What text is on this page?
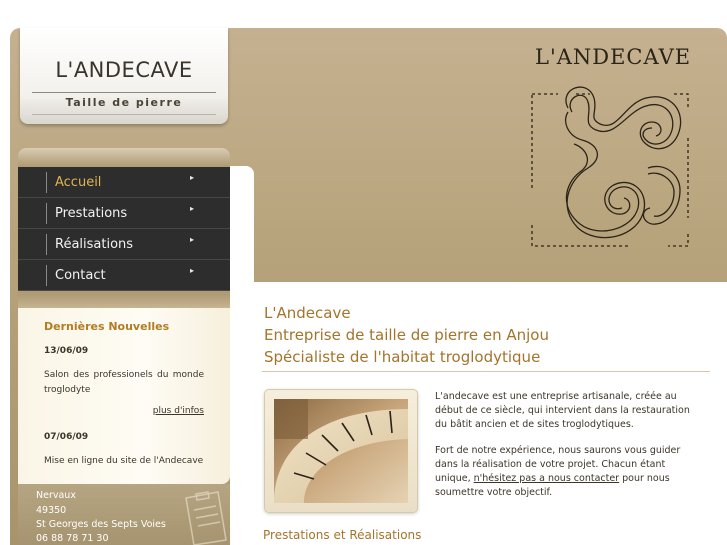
L'ANDECAVE
Taille de pierre
L'ANDECAVE
Accueil	▸
Prestations	▸
Réalisations	▸
Contact	▸
Dernières Nouvelles
13/06/09
Salon des professionels du monde troglodyte
plus d'infos
07/06/09
Mise en ligne du site de l'Andecave
Nervaux
49350
St Georges des Septs Voies
06 88 78 71 30
L'Andecave
Entreprise de taille de pierre en Anjou
Spécialiste de l'habitat troglodytique
L'andecave est une entreprise artisanale, créée au début de ce siècle, qui intervient dans la restauration du bâtit ancien et de sites troglodytiques.
Fort de notre expérience, nous saurons vous guider dans la réalisation de votre projet. Chacun étant unique, n'hésitez pas a nous contacter pour nous soumettre votre objectif.
Prestations et Réalisations
